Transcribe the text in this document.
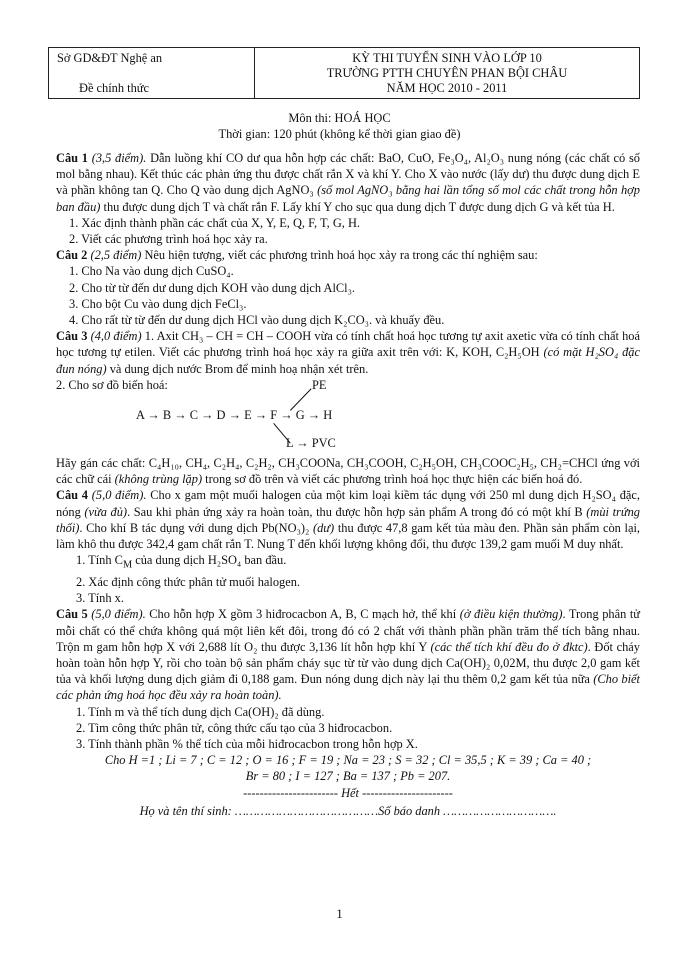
Sở GD&ĐT Nghệ an
Đề chính thức
KỲ THI TUYỂN SINH VÀO LỚP 10
TRƯỜNG PTTH CHUYÊN PHAN BỘI CHÂU
NĂM HỌC 2010 - 2011
Môn thi: HOÁ HỌC
Thời gian: 120 phút (không kể thời gian giao đề)

Câu 1 (3,5 điểm). Dẫn luồng khí CO dư qua hỗn hợp các chất: BaO, CuO, Fe₃O₄, Al₂O₃ nung nóng (các chất có số mol bằng nhau). Kết thúc các phản ứng thu được chất rắn X và khí Y. Cho X vào nước (lấy dư) thu được dung dịch E và phần không tan Q. Cho Q vào dung dịch AgNO₃ (số mol AgNO₃ bằng hai lần tổng số mol các chất trong hỗn hợp ban đầu) thu được dung dịch T và chất rắn F. Lấy khí Y cho sục qua dung dịch T được dung dịch G và kết tủa H.

1. Xác định thành phần các chất của X, Y, E, Q, F, T, G, H.

2. Viết các phương trình hoá học xảy ra.

Câu 2 (2,5 điểm) Nêu hiện tượng, viết các phương trình hoá học xảy ra trong các thí nghiệm sau:

1. Cho Na vào dung dịch CuSO₄.

2. Cho từ từ đến dư dung dịch KOH vào dung dịch AlCl₃.

3. Cho bột Cu vào dung dịch FeCl₃.

4. Cho rất từ từ đến dư dung dịch HCl vào dung dịch K₂CO₃. và khuấy đều.

Câu 3 (4,0 điểm) 1. Axit CH₃ – CH = CH – COOH vừa có tính chất hoá học tương tự axit axetic vừa có tính chất hoá học tương tự etilen. Viết các phương trình hoá học xảy ra giữa axit trên với: K, KOH, C₂H₅OH (có mặt H₂SO₄ đặc đun nóng) và dung dịch nước Brom để minh hoạ nhận xét trên.

2. Cho sơ đồ biến hoá:	PE
A → B → C → D → E → F → G → H
L → PVC

Hãy gán các chất: C₄H₁₀, CH₄, C₂H₄, C₂H₂, CH₃COONa, CH₃COOH, C₂H₅OH, CH₃COOC₂H₅, CH₂=CHCl ứng với các chữ cái (không trùng lặp) trong sơ đồ trên và viết các phương trình hoá học thực hiện các biến hoá đó.

Câu 4 (5,0 điểm). Cho x gam một muối halogen của một kim loại kiềm tác dụng với 250 ml dung dịch H₂SO₄ đặc, nóng (vừa đủ). Sau khi phản ứng xảy ra hoàn toàn, thu được hỗn hợp sản phẩm A trong đó có một khí B (mùi trứng thối). Cho khí B tác dụng với dung dịch Pb(NO₃)₂ (dư) thu được 47,8 gam kết tủa màu đen. Phần sản phẩm còn lại, làm khô thu được 342,4 gam chất rắn T. Nung T đến khối lượng không đổi, thu được 139,2 gam muối M duy nhất.

1. Tính $C_M$ của dung dịch H₂SO₄ ban đầu.

2. Xác định công thức phân tử muối halogen.

3. Tính x.

Câu 5 (5,0 điểm). Cho hỗn hợp X gồm 3 hiđrocacbon A, B, C mạch hở, thể khí (ở điều kiện thường). Trong phân tử mỗi chất có thể chứa không quá một liên kết đôi, trong đó có 2 chất với thành phần phần trăm thể tích bằng nhau. Trộn m gam hỗn hợp X với 2,688 lít O₂ thu được 3,136 lít hỗn hợp khí Y (các thể tích khí đều đo ở đktc). Đốt cháy hoàn toàn hỗn hợp Y, rồi cho toàn bộ sản phẩm cháy sục từ từ vào dung dịch Ca(OH)₂ 0,02M, thu được 2,0 gam kết tủa và khối lượng dung dịch giảm đi 0,188 gam. Đun nóng dung dịch này lại thu thêm 0,2 gam kết tủa nữa (Cho biết các phản ứng hoá học đều xảy ra hoàn toàn).

1. Tính m và thể tích dung dịch Ca(OH)₂ đã dùng.

2. Tìm công thức phân tử, công thức cấu tạo của 3 hiđrocacbon.

3. Tính thành phần % thể tích của mỗi hiđrocacbon trong hỗn hợp X.

Cho H =1 ; Li = 7 ; C = 12 ; O = 16 ; F = 19 ; Na = 23 ; S = 32 ; Cl = 35,5 ; K = 39 ; Ca = 40 ;

Br = 80 ; I = 127 ; Ba = 137 ; Pb = 207.

----------------------- Hết ----------------------

Họ và tên thí sinh: …………………………………Số báo danh ………………………….

1
